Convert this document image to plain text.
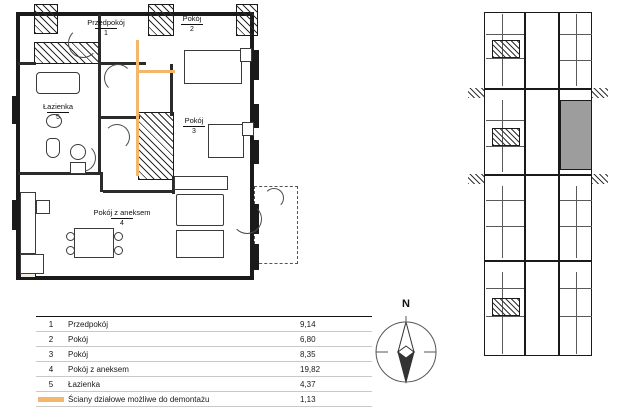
Przedpokój
1
Pokój
2
Pokój
3
Pokój z aneksem
4
Łazienka
5
N
1	Przedpokój	9,14
2	Pokój	6,80
3	Pokój	8,35
4	Pokój z aneksem	19,82
5	Łazienka	4,37
	Ściany działowe możliwe do demontażu	1,13
